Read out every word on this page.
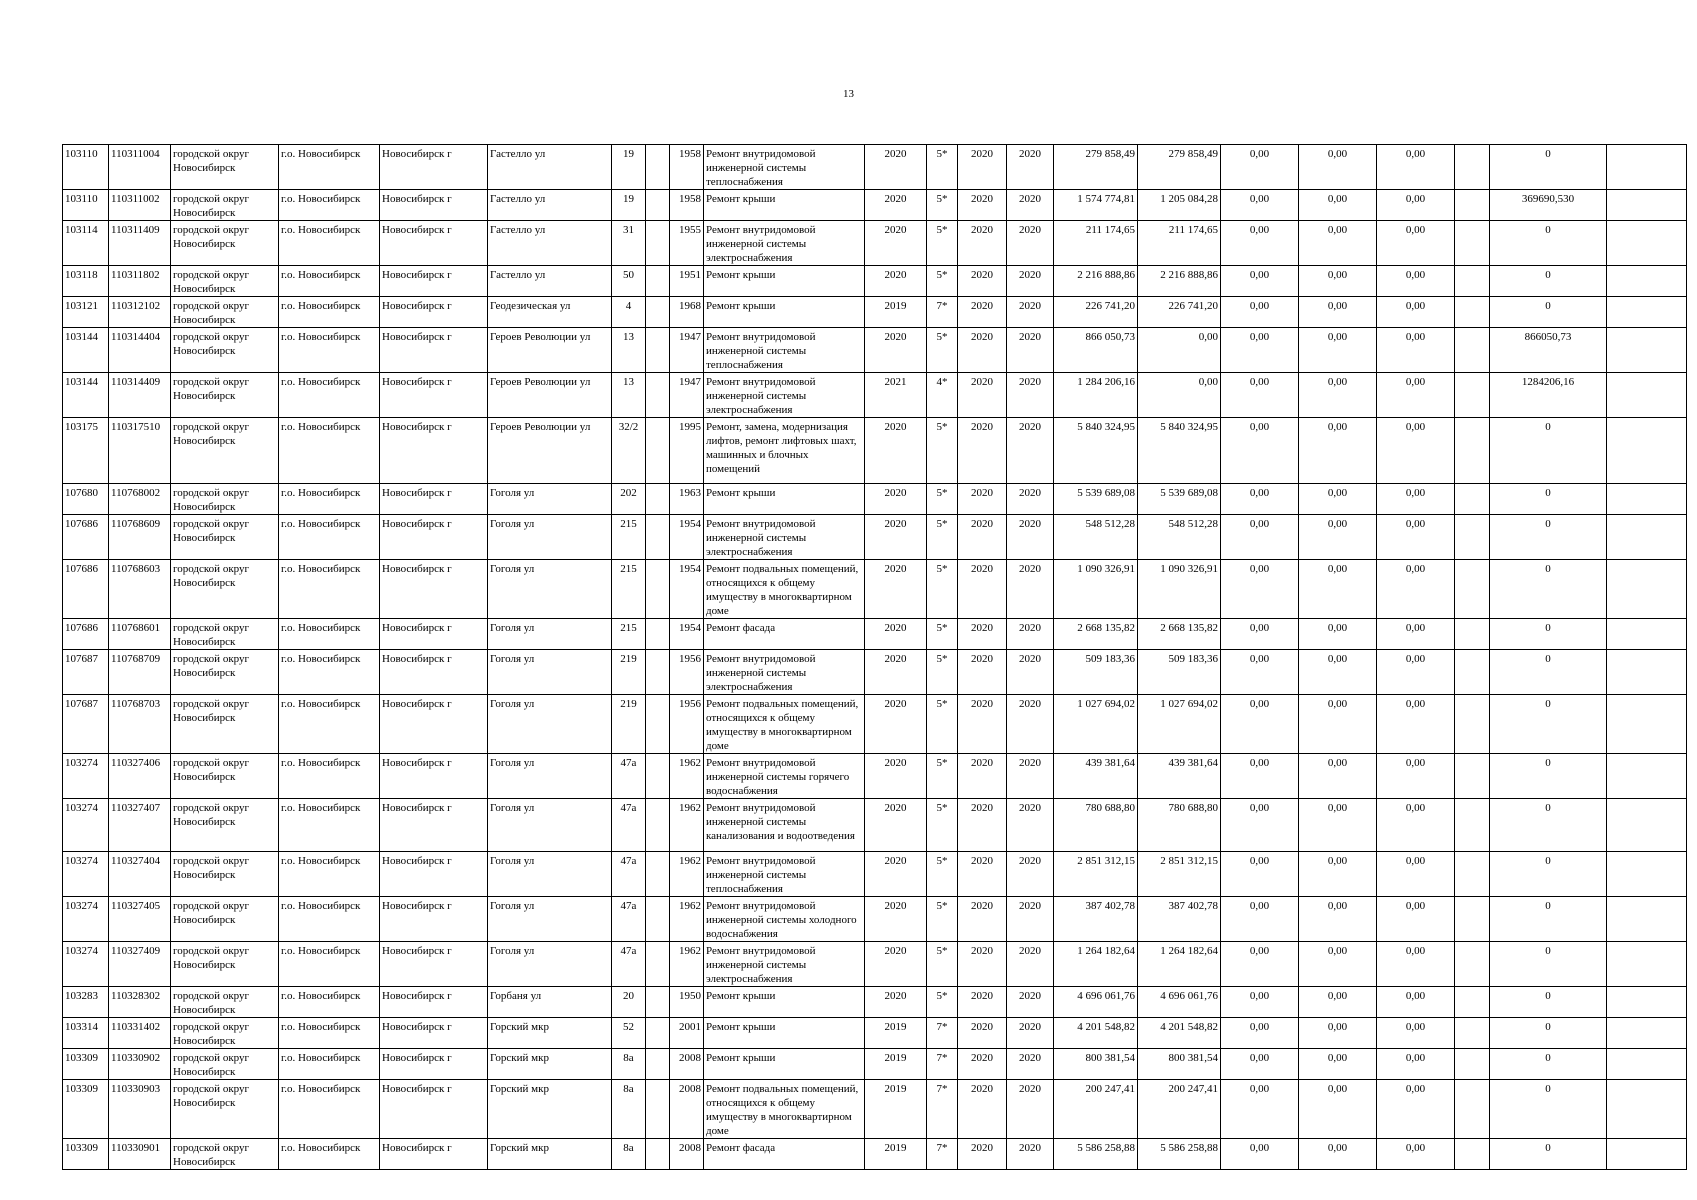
13
103110	110311004	городской округ Новосибирск	г.о. Новосибирск	Новосибирск г	Гастелло ул	19		1958	Ремонт внутридомовой инженерной системы теплоснабжения	2020	5*	2020	2020	279 858,49	279 858,49	0,00	0,00	0,00		0	
103110	110311002	городской округ Новосибирск	г.о. Новосибирск	Новосибирск г	Гастелло ул	19		1958	Ремонт крыши	2020	5*	2020	2020	1 574 774,81	1 205 084,28	0,00	0,00	0,00		369690,530	
103114	110311409	городской округ Новосибирск	г.о. Новосибирск	Новосибирск г	Гастелло ул	31		1955	Ремонт внутридомовой инженерной системы электроснабжения	2020	5*	2020	2020	211 174,65	211 174,65	0,00	0,00	0,00		0	
103118	110311802	городской округ Новосибирск	г.о. Новосибирск	Новосибирск г	Гастелло ул	50		1951	Ремонт крыши	2020	5*	2020	2020	2 216 888,86	2 216 888,86	0,00	0,00	0,00		0	
103121	110312102	городской округ Новосибирск	г.о. Новосибирск	Новосибирск г	Геодезическая ул	4		1968	Ремонт крыши	2019	7*	2020	2020	226 741,20	226 741,20	0,00	0,00	0,00		0	
103144	110314404	городской округ Новосибирск	г.о. Новосибирск	Новосибирск г	Героев Революции ул	13		1947	Ремонт внутридомовой инженерной системы теплоснабжения	2020	5*	2020	2020	866 050,73	0,00	0,00	0,00	0,00		866050,73	
103144	110314409	городской округ Новосибирск	г.о. Новосибирск	Новосибирск г	Героев Революции ул	13		1947	Ремонт внутридомовой инженерной системы электроснабжения	2021	4*	2020	2020	1 284 206,16	0,00	0,00	0,00	0,00		1284206,16	
103175	110317510	городской округ Новосибирск	г.о. Новосибирск	Новосибирск г	Героев Революции ул	32/2		1995	Ремонт, замена, модернизация лифтов, ремонт лифтовых шахт, машинных и блочных помещений	2020	5*	2020	2020	5 840 324,95	5 840 324,95	0,00	0,00	0,00		0	
107680	110768002	городской округ Новосибирск	г.о. Новосибирск	Новосибирск г	Гоголя ул	202		1963	Ремонт крыши	2020	5*	2020	2020	5 539 689,08	5 539 689,08	0,00	0,00	0,00		0	
107686	110768609	городской округ Новосибирск	г.о. Новосибирск	Новосибирск г	Гоголя ул	215		1954	Ремонт внутридомовой инженерной системы электроснабжения	2020	5*	2020	2020	548 512,28	548 512,28	0,00	0,00	0,00		0	
107686	110768603	городской округ Новосибирск	г.о. Новосибирск	Новосибирск г	Гоголя ул	215		1954	Ремонт подвальных помещений, относящихся к общему имуществу в многоквартирном доме	2020	5*	2020	2020	1 090 326,91	1 090 326,91	0,00	0,00	0,00		0	
107686	110768601	городской округ Новосибирск	г.о. Новосибирск	Новосибирск г	Гоголя ул	215		1954	Ремонт фасада	2020	5*	2020	2020	2 668 135,82	2 668 135,82	0,00	0,00	0,00		0	
107687	110768709	городской округ Новосибирск	г.о. Новосибирск	Новосибирск г	Гоголя ул	219		1956	Ремонт внутридомовой инженерной системы электроснабжения	2020	5*	2020	2020	509 183,36	509 183,36	0,00	0,00	0,00		0	
107687	110768703	городской округ Новосибирск	г.о. Новосибирск	Новосибирск г	Гоголя ул	219		1956	Ремонт подвальных помещений, относящихся к общему имуществу в многоквартирном доме	2020	5*	2020	2020	1 027 694,02	1 027 694,02	0,00	0,00	0,00		0	
103274	110327406	городской округ Новосибирск	г.о. Новосибирск	Новосибирск г	Гоголя ул	47а		1962	Ремонт внутридомовой инженерной системы горячего водоснабжения	2020	5*	2020	2020	439 381,64	439 381,64	0,00	0,00	0,00		0	
103274	110327407	городской округ Новосибирск	г.о. Новосибирск	Новосибирск г	Гоголя ул	47а		1962	Ремонт внутридомовой инженерной системы канализования и водоотведения	2020	5*	2020	2020	780 688,80	780 688,80	0,00	0,00	0,00		0	
103274	110327404	городской округ Новосибирск	г.о. Новосибирск	Новосибирск г	Гоголя ул	47а		1962	Ремонт внутридомовой инженерной системы теплоснабжения	2020	5*	2020	2020	2 851 312,15	2 851 312,15	0,00	0,00	0,00		0	
103274	110327405	городской округ Новосибирск	г.о. Новосибирск	Новосибирск г	Гоголя ул	47а		1962	Ремонт внутридомовой инженерной системы холодного водоснабжения	2020	5*	2020	2020	387 402,78	387 402,78	0,00	0,00	0,00		0	
103274	110327409	городской округ Новосибирск	г.о. Новосибирск	Новосибирск г	Гоголя ул	47а		1962	Ремонт внутридомовой инженерной системы электроснабжения	2020	5*	2020	2020	1 264 182,64	1 264 182,64	0,00	0,00	0,00		0	
103283	110328302	городской округ Новосибирск	г.о. Новосибирск	Новосибирск г	Горбаня ул	20		1950	Ремонт крыши	2020	5*	2020	2020	4 696 061,76	4 696 061,76	0,00	0,00	0,00		0	
103314	110331402	городской округ Новосибирск	г.о. Новосибирск	Новосибирск г	Горский мкр	52		2001	Ремонт крыши	2019	7*	2020	2020	4 201 548,82	4 201 548,82	0,00	0,00	0,00		0	
103309	110330902	городской округ Новосибирск	г.о. Новосибирск	Новосибирск г	Горский мкр	8а		2008	Ремонт крыши	2019	7*	2020	2020	800 381,54	800 381,54	0,00	0,00	0,00		0	
103309	110330903	городской округ Новосибирск	г.о. Новосибирск	Новосибирск г	Горский мкр	8а		2008	Ремонт подвальных помещений, относящихся к общему имуществу в многоквартирном доме	2019	7*	2020	2020	200 247,41	200 247,41	0,00	0,00	0,00		0	
103309	110330901	городской округ Новосибирск	г.о. Новосибирск	Новосибирск г	Горский мкр	8а		2008	Ремонт фасада	2019	7*	2020	2020	5 586 258,88	5 586 258,88	0,00	0,00	0,00		0	
